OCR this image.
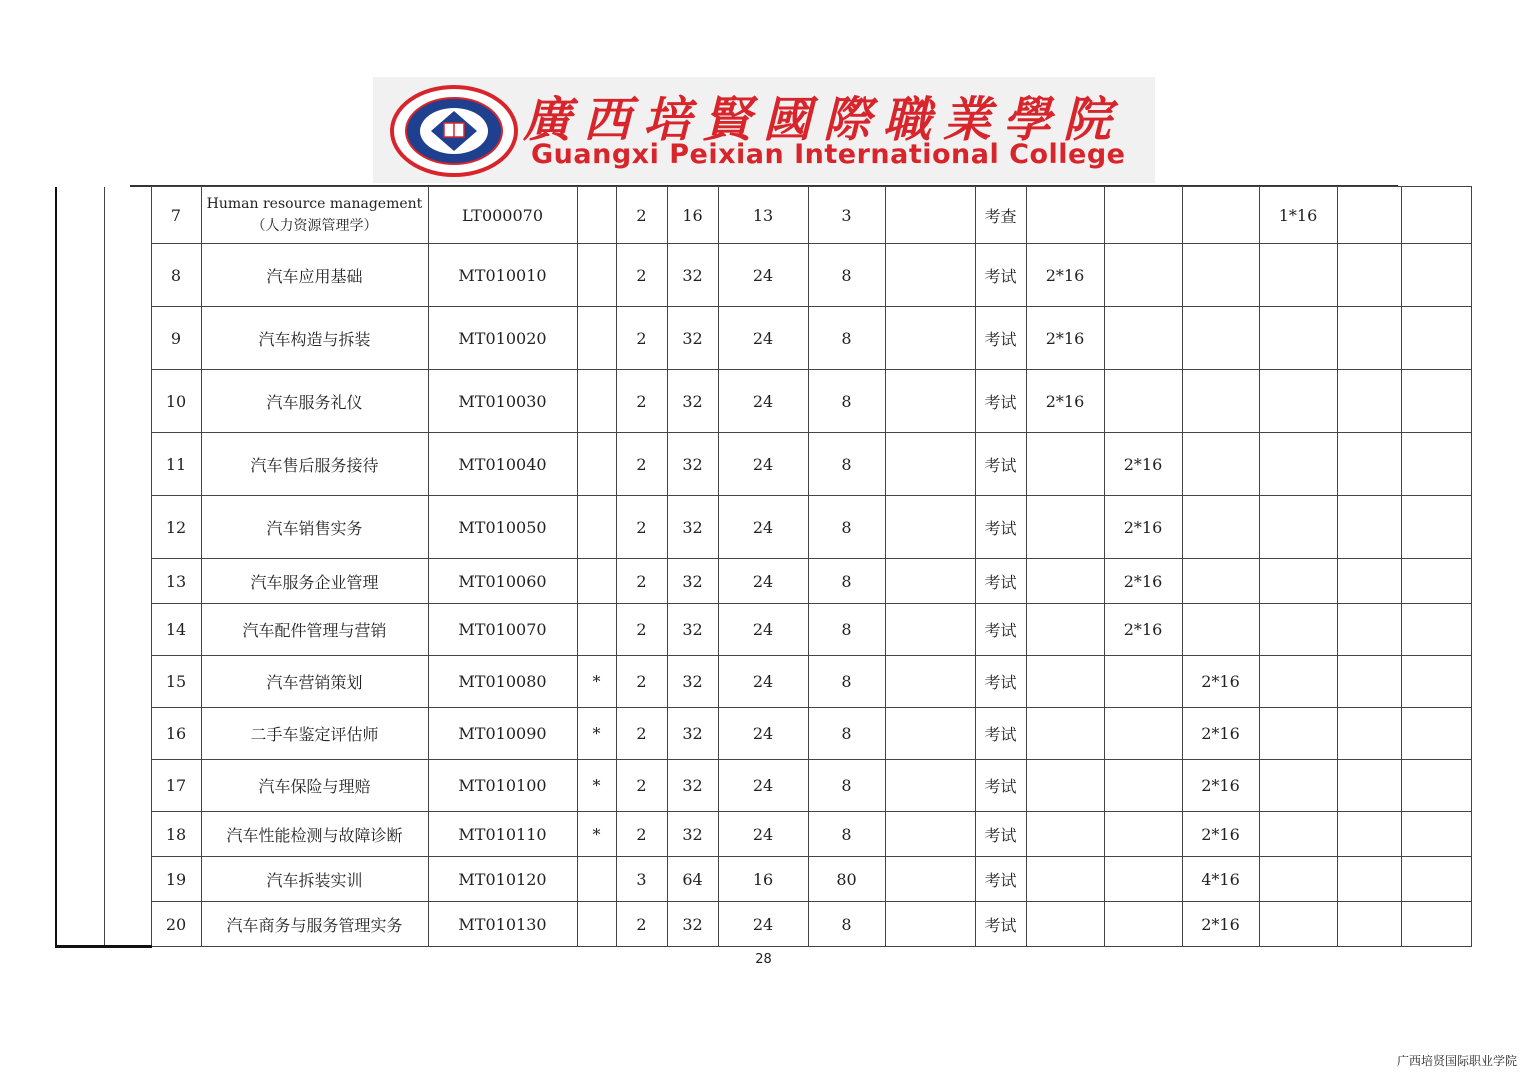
廣西培賢國際職業學院
Guangxi Peixian International College
		7	Human resource management（人力资源管理学）	LT000070		2	16	13	3		考查				1*16		
		8	汽车应用基础	MT010010		2	32	24	8		考试	2*16					
		9	汽车构造与拆装	MT010020		2	32	24	8		考试	2*16					
		10	汽车服务礼仪	MT010030		2	32	24	8		考试	2*16					
		11	汽车售后服务接待	MT010040		2	32	24	8		考试		2*16				
		12	汽车销售实务	MT010050		2	32	24	8		考试		2*16				
		13	汽车服务企业管理	MT010060		2	32	24	8		考试		2*16				
		14	汽车配件管理与营销	MT010070		2	32	24	8		考试		2*16				
		15	汽车营销策划	MT010080	*	2	32	24	8		考试			2*16			
		16	二手车鉴定评估师	MT010090	*	2	32	24	8		考试			2*16			
		17	汽车保险与理赔	MT010100	*	2	32	24	8		考试			2*16			
		18	汽车性能检测与故障诊断	MT010110	*	2	32	24	8		考试			2*16			
		19	汽车拆装实训	MT010120		3	64	16	80		考试			4*16			
		20	汽车商务与服务管理实务	MT010130		2	32	24	8		考试			2*16			
28
广西培贤国际职业学院
